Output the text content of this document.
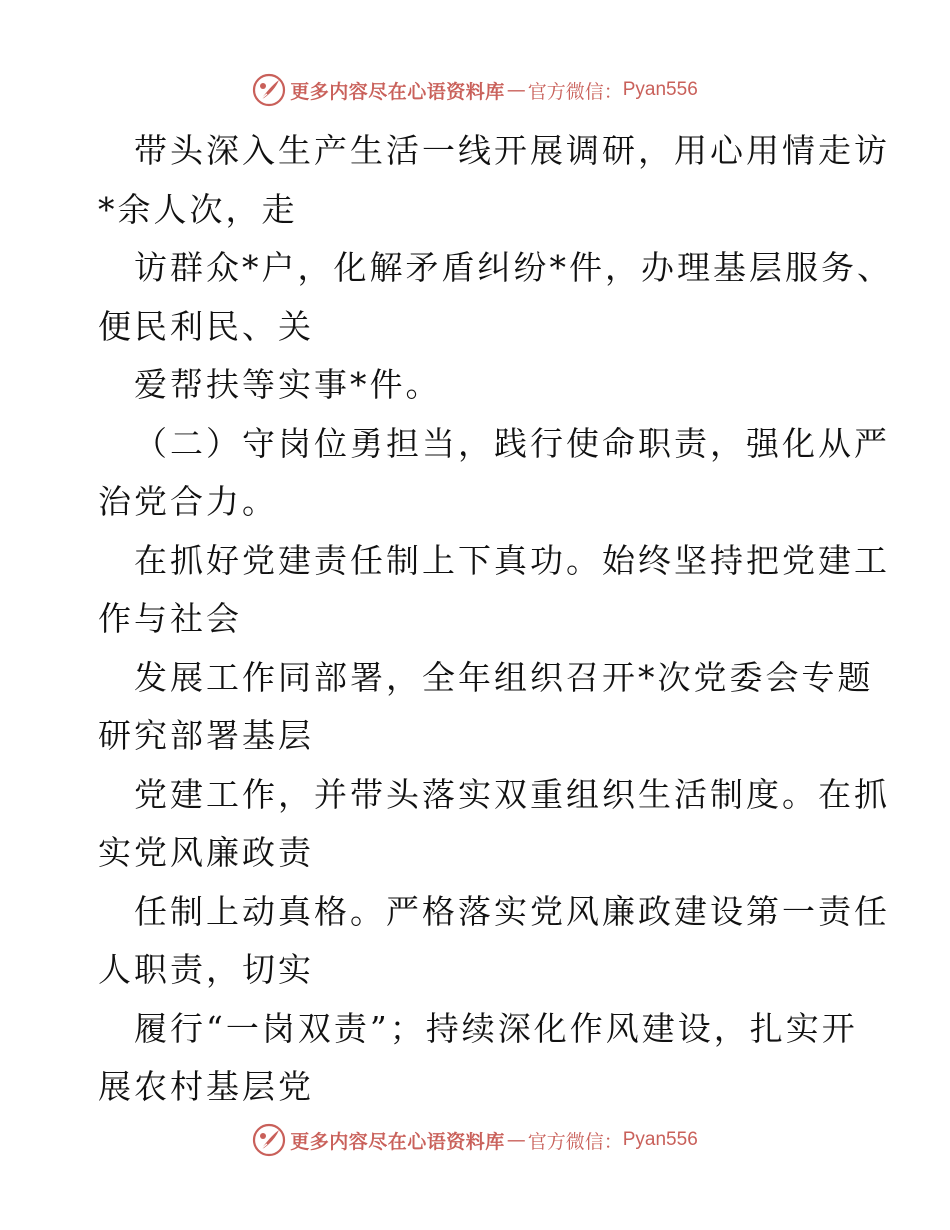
更多内容尽在心语资料库 — 官方微信： Pyan556
带头深入生产生活一线开展调研，用心用情走访
*余人次，走
访群众*户，化解矛盾纠纷*件，办理基层服务、
便民利民、关
爱帮扶等实事*件。
（二）守岗位勇担当，践行使命职责，强化从严
治党合力。
在抓好党建责任制上下真功。始终坚持把党建工
作与社会
发展工作同部署，全年组织召开*次党委会专题
研究部署基层
党建工作，并带头落实双重组织生活制度。在抓
实党风廉政责
任制上动真格。严格落实党风廉政建设第一责任
人职责，切实
履行“一岗双责”；持续深化作风建设，扎实开
展农村基层党
更多内容尽在心语资料库 — 官方微信： Pyan556
